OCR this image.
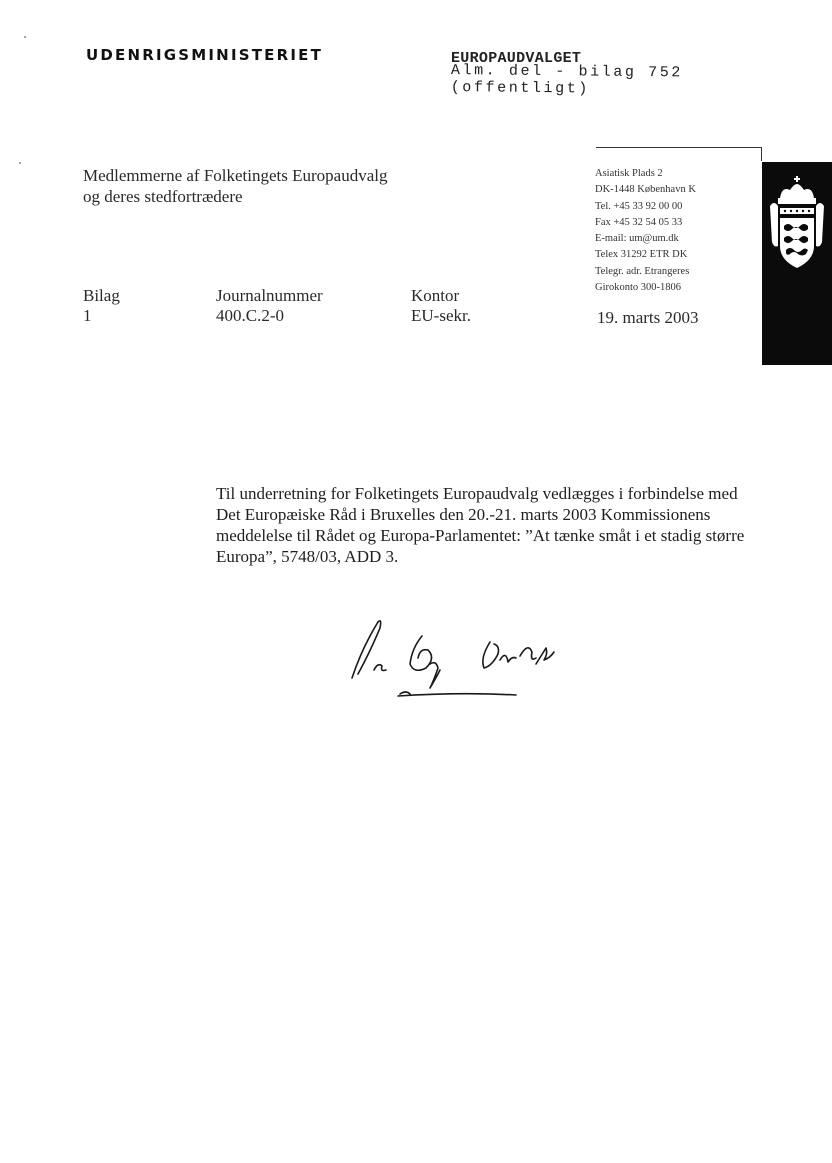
UDENRIGSMINISTERIET	EUROPAUDVALGET
Alm. del - bilag 752 (offentligt)
Medlemmerne af Folketingets Europaudvalg
og deres stedfortrædere
Asiatisk Plads 2
DK-1448 København K
Tel. +45 33 92 00 00
Fax +45 32 54 05 33
E-mail: um@um.dk
Telex 31292 ETR DK
Telegr. adr. Etrangeres
Girokonto 300-1806
Bilag
1
Journalnummer
400.C.2-0
Kontor
EU-sekr.	19. marts 2003
Til underretning for Folketingets Europaudvalg vedlægges i forbindelse med
Det Europæiske Råd i Bruxelles den 20.-21. marts 2003 Kommissionens
meddelelse til Rådet og Europa-Parlamentet: ”At tænke småt i et stadig større
Europa”, 5748/03, ADD 3.
